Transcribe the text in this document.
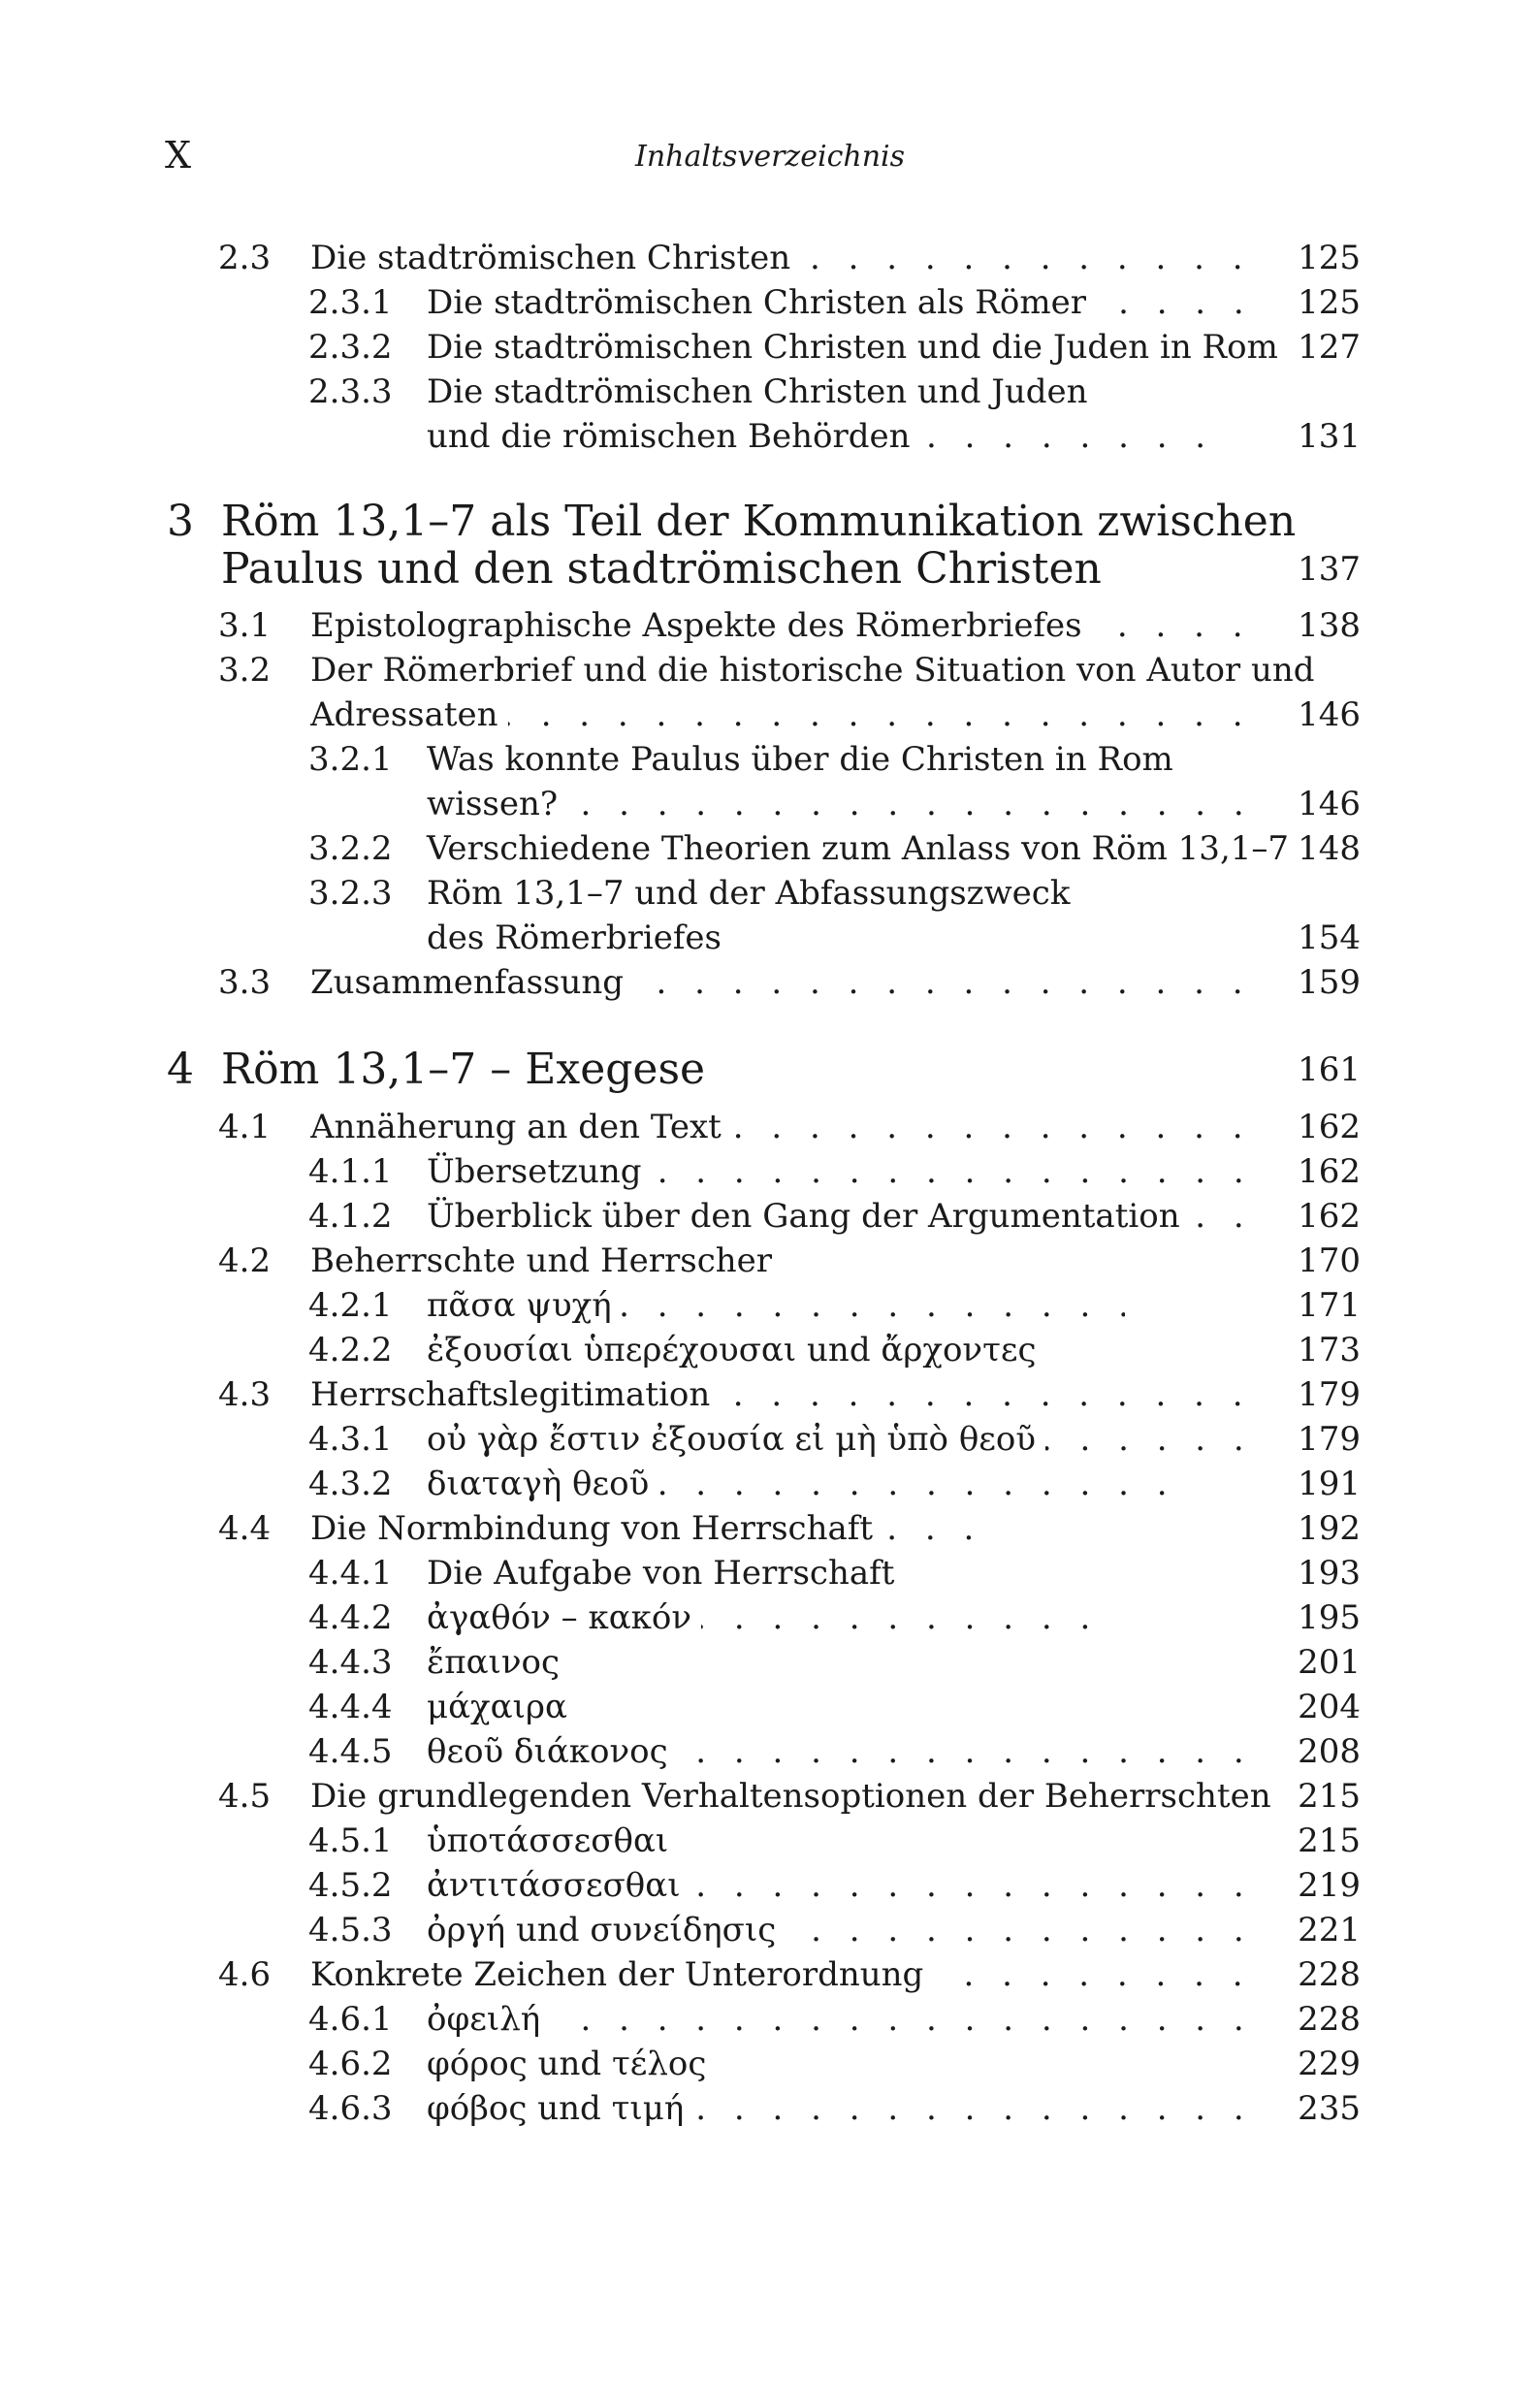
X	Inhaltsverzeichnis
2.3 Die stadtrömischen Christen . . .	125
2.3.1 Die stadtrömischen Christen als Römer . . .	125
2.3.2 Die stadtrömischen Christen und die Juden in Rom 127
2.3.3 Die stadtrömischen Christen und Juden
und die römischen Behörden . . .	131
3 Röm 13,1–7 als Teil der Kommunikation zwischen
Paulus und den stadtrömischen Christen	137
3.1 Epistolographische Aspekte des Römerbriefes . . .	138
3.2 Der Römerbrief und die historische Situation von Autor und
Adressaten . . .	146
3.2.1 Was konnte Paulus über die Christen in Rom
wissen? . . .	146
3.2.2 Verschiedene Theorien zum Anlass von Röm 13,1–7 148
3.2.3 Röm 13,1–7 und der Abfassungszweck
des Römerbriefes	154
3.3 Zusammenfassung . . .	159
4 Röm 13,1–7 – Exegese	161
4.1 Annäherung an den Text . . .	162
4.1.1 Übersetzung . . .	162
4.1.2 Überblick über den Gang der Argumentation . . .	162
4.2 Beherrschte und Herrscher	170
4.2.1 πᾶσα ψυχή . . .	171
4.2.2 ἐξουσίαι ὑπερέχουσαι und ἄρχοντες	173
4.3 Herrschaftslegitimation . . .	179
4.3.1 οὐ γὰρ ἔστιν ἐξουσία εἰ μὴ ὑπὸ θεοῦ . . .	179
4.3.2 διαταγὴ θεοῦ . . .	191
4.4 Die Normbindung von Herrschaft . . .	192
4.4.1 Die Aufgabe von Herrschaft	193
4.4.2 ἀγαθόν – κακόν . . .	195
4.4.3 ἔπαινος	201
4.4.4 μάχαιρα	204
4.4.5 θεοῦ διάκονος . . .	208
4.5 Die grundlegenden Verhaltensoptionen der Beherrschten 215
4.5.1 ὑποτάσσεσθαι	215
4.5.2 ἀντιτάσσεσθαι . . .	219
4.5.3 ὀργή und συνείδησις . . .	221
4.6 Konkrete Zeichen der Unterordnung . . .	228
4.6.1 ὀφειλή . . .	228
4.6.2 φόρος und τέλος	229
4.6.3 φόβος und τιμή . . .	235
